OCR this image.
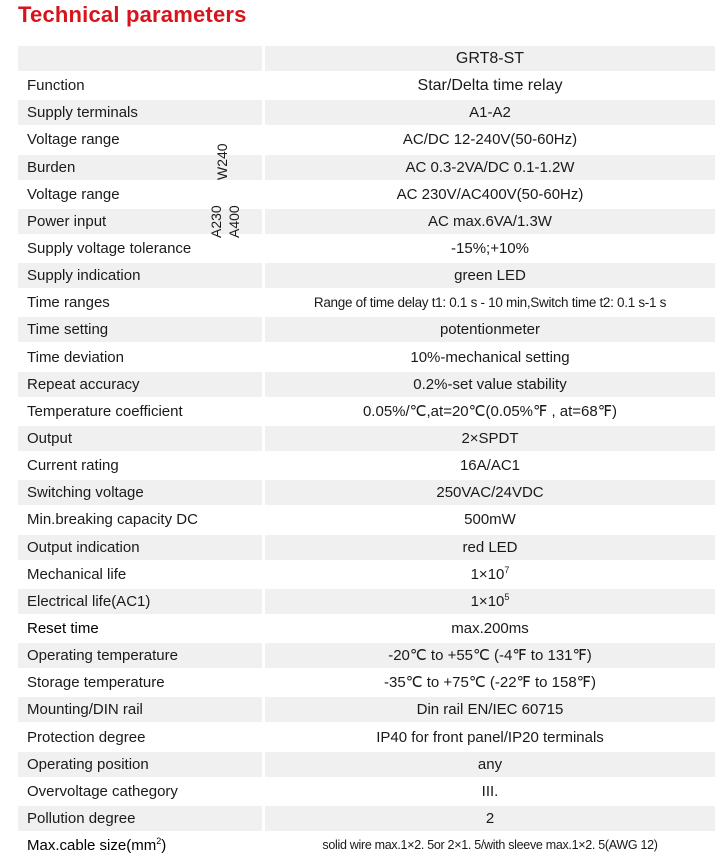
Technical parameters
GRT8-ST
Function	Star/Delta time relay
Supply terminals	A1-A2
Voltage range	AC/DC 12-240V(50-60Hz)
Burden	AC 0.3-2VA/DC 0.1-1.2W
Voltage range	AC 230V/AC400V(50-60Hz)
Power input	AC max.6VA/1.3W
Supply voltage tolerance	-15%;+10%
Supply indication	green LED
Time ranges	Range of time delay t1: 0.1 s - 10 min,Switch time t2: 0.1 s-1 s
Time setting	potentionmeter
Time deviation	10%-mechanical setting
Repeat accuracy	0.2%-set value stability
Temperature coefficient	0.05%/℃,at=20℃(0.05%℉ , at=68℉)
Output	2×SPDT
Current rating	16A/AC1
Switching voltage	250VAC/24VDC
Min.breaking capacity DC	500mW
Output indication	red LED
Mechanical life	$1\times 10^7$
Electrical life(AC1)	$1\times 10^5$
Reset time	max.200ms
Operating temperature	-20℃ to +55℃ (-4℉ to 131℉)
Storage temperature	-35℃ to +75℃ (-22℉ to 158℉)
Mounting/DIN rail	Din rail EN/IEC 60715
Protection degree	IP40 for front panel/IP20 terminals
Operating position	any
Overvoltage cathegory	III.
Pollution degree	2
Max.cable $size(mm^2)$	solid wire max.1×2. 5or 2×1. 5/with sleeve max.1×2. 5(AWG 12)
W240
A230 A400
